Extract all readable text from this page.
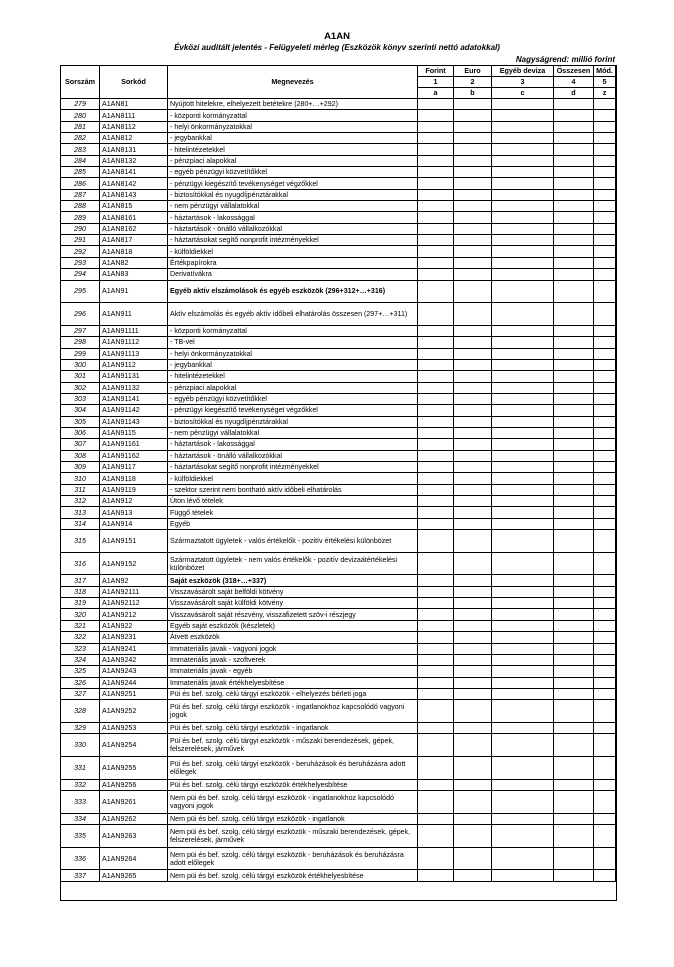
A1AN
Évközi auditált jelentés - Felügyeleti mérleg (Eszközök könyv szerinti nettó adatokkal)
Nagyságrend: millió forint
Sorszám	Sorkód	Megnevezés	Forint	Euro	Egyéb deviza	Összesen	Mód.
			1	2	3	4	5
			a	b	c	d	z
279	A1AN81	Nyújtott hitelekre, elhelyezett betétekre (280+…+292)					
280	A1AN8111	- központi kormányzattal					
281	A1AN8112	- helyi önkormányzatokkal					
282	A1AN812	- jegybankkal					
283	A1AN8131	- hitelintézetekkel					
284	A1AN8132	- pénzpiaci alapokkal					
285	A1AN8141	- egyéb pénzügyi közvetítőkkel					
286	A1AN8142	- pénzügyi kiegészítő tevékenységet végzőkkel					
287	A1AN8143	- biztosítókkal és nyugdíjpénztárakkal					
288	A1AN815	- nem pénzügyi vállalatokkal					
289	A1AN8161	- háztartások - lakossággal					
290	A1AN8162	- háztartások - önálló vállalkozókkal					
291	A1AN817	- háztartásokat segítő nonprofit intézményekkel					
292	A1AN818	- külföldiekkel					
293	A1AN82	Értékpapírokra					
294	A1AN83	Derivatívákra					
295	A1AN91	Egyéb aktív elszámolások és egyéb eszközök (296+312+…+316)					
296	A1AN911	Aktív elszámolás és egyéb aktív időbeli elhatárolás összesen (297+…+311)					
297	A1AN91111	- központi kormányzattal					
298	A1AN91112	- TB-vel					
299	A1AN91113	- helyi önkormányzatokkal					
300	A1AN9112	- jegybankkal					
301	A1AN91131	- hitelintézetekkel					
302	A1AN91132	- pénzpiaci alapokkal					
303	A1AN91141	- egyéb pénzügyi közvetítőkkel					
304	A1AN91142	- pénzügyi kiegészítő tevékenységet végzőkkel					
305	A1AN91143	- biztosítókkal és nyugdíjpénztárakkal					
306	A1AN9115	- nem pénzügyi vállalatokkal					
307	A1AN91161	- háztartások - lakossággal					
308	A1AN91162	- háztartások - önálló vállalkozókkal					
309	A1AN9117	- háztartásokat segítő nonprofit intézményekkel					
310	A1AN9118	- külföldiekkel					
311	A1AN9119	- szektor szerint nem bontható aktív időbeli elhatárolás					
312	A1AN912	Úton lévő tételek					
313	A1AN913	Függő tételek					
314	A1AN914	Egyéb					
315	A1AN9151	Származtatott ügyletek - valós értékelők - pozitív értékelési különbözet					
316	A1AN9152	Származtatott ügyletek - nem valós értékelők - pozitív devizaátértékelési különbözet					
317	A1AN92	Saját eszközök (318+…+337)					
318	A1AN92111	Visszavásárolt saját belföldi kötvény					
319	A1AN92112	Visszavásárolt saját külföldi kötvény					
320	A1AN9212	Visszavásárolt saját részvény, visszafizetett szöv-i részjegy					
321	A1AN922	Egyéb saját eszközök (készletek)					
322	A1AN9231	Átvett eszközök					
323	A1AN9241	Immateriális javak - vagyoni jogok					
324	A1AN9242	Immateriális javak - szoftverek					
325	A1AN9243	Immateriális javak - egyéb					
326	A1AN9244	Immateriális javak értékhelyesbítése					
327	A1AN9251	Püi és bef. szolg. célú tárgyi eszközök - elhelyezés bérleti joga					
328	A1AN9252	Püi és bef. szolg. célú tárgyi eszközök - ingatlanokhoz kapcsolódó vagyoni jogok					
329	A1AN9253	Püi és bef. szolg. célú tárgyi eszközök - ingatlanok					
330	A1AN9254	Püi és bef. szolg. célú tárgyi eszközök - műszaki berendezések, gépek, felszerelések, járművek					
331	A1AN9255	Püi és bef. szolg. célú tárgyi eszközök - beruházások és beruházásra adott előlegek					
332	A1AN9256	Püi és bef. szolg. célú tárgyi eszközök értékhelyesbítése					
333	A1AN9261	Nem püi és bef. szolg. célú tárgyi eszközök - ingatlanokhoz kapcsolódó vagyoni jogok					
334	A1AN9262	Nem püi és bef. szolg. célú tárgyi eszközök - ingatlanok					
335	A1AN9263	Nem püi és bef. szolg. célú tárgyi eszközök - műszaki berendezések, gépek, felszerelések, járművek					
336	A1AN9264	Nem püi és bef. szolg. célú tárgyi eszközök - beruházások és beruházásra adott előlegek					
337	A1AN9265	Nem püi és bef. szolg. célú tárgyi eszközök értékhelyesbítése					
